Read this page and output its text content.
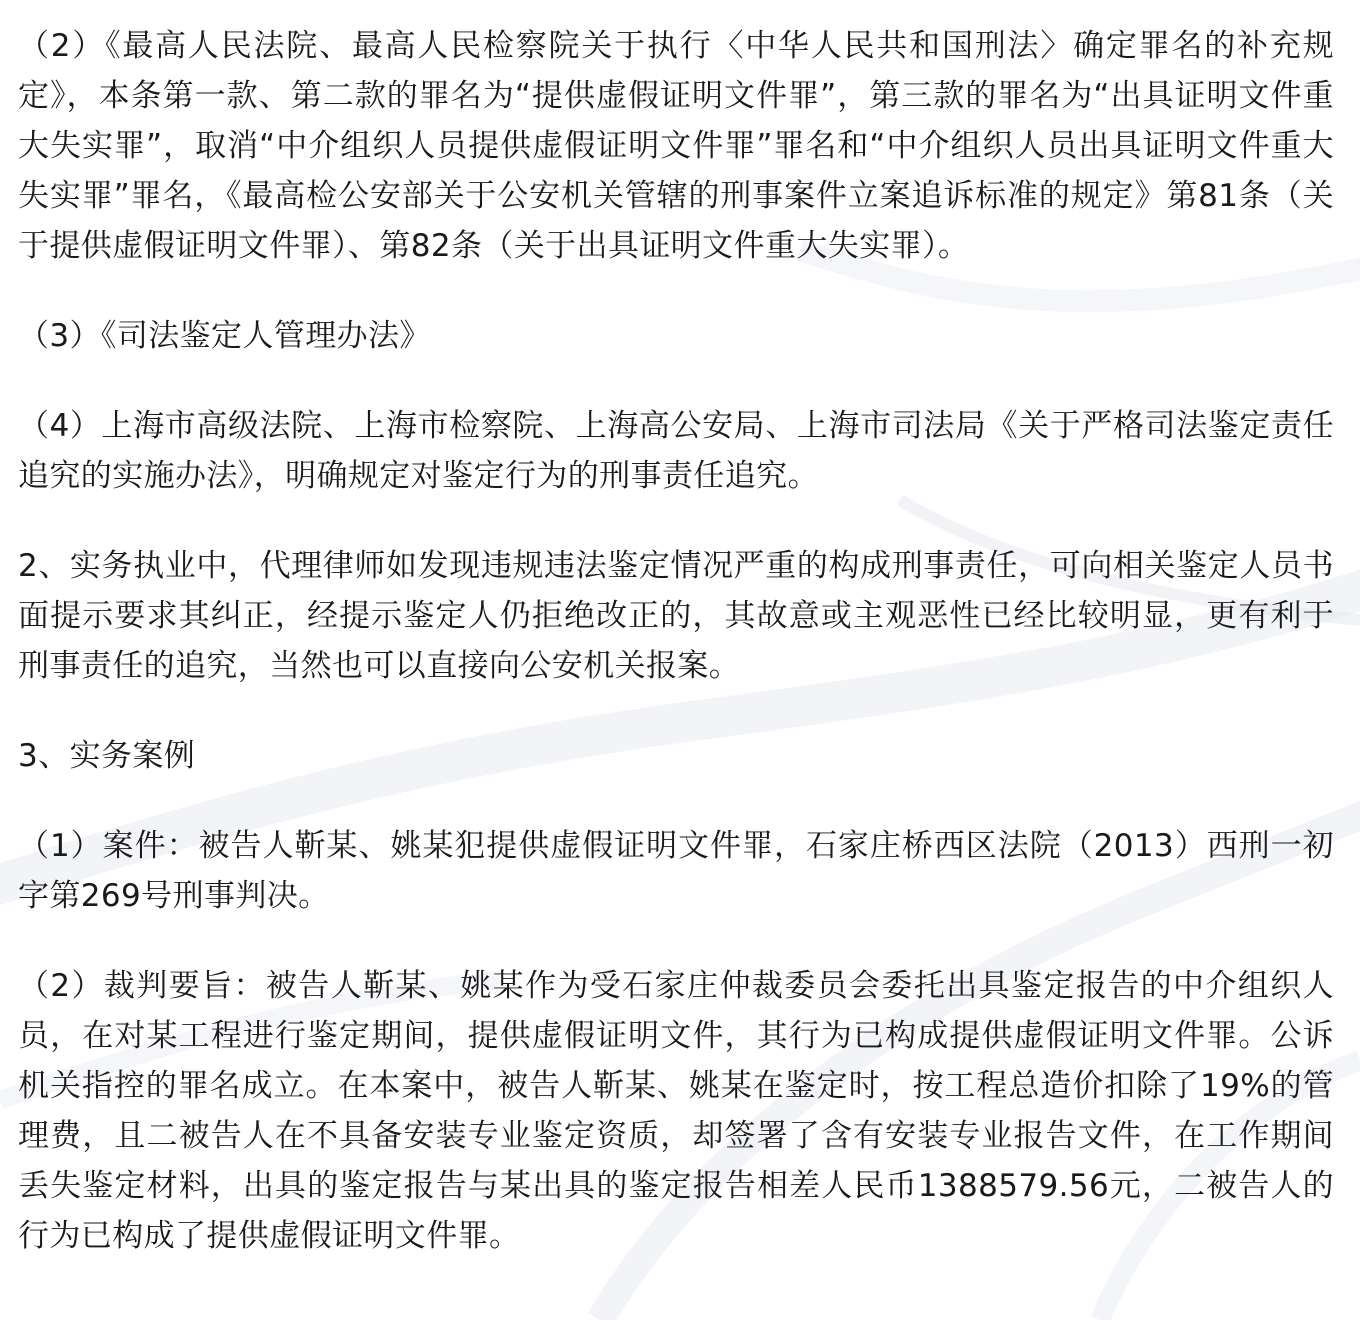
（2）《最高人民法院、最高人民检察院关于执行〈中华人民共和国刑法〉确定罪名的补充规定》，本条第一款、第二款的罪名为“提供虚假证明文件罪”，第三款的罪名为“出具证明文件重大失实罪”，取消“中介组织人员提供虚假证明文件罪”罪名和“中介组织人员出具证明文件重大失实罪”罪名，《最高检公安部关于公安机关管辖的刑事案件立案追诉标准的规定》第81条（关于提供虚假证明文件罪）、第82条（关于出具证明文件重大失实罪）。

（3）《司法鉴定人管理办法》

（4）上海市高级法院、上海市检察院、上海高公安局、上海市司法局《关于严格司法鉴定责任追究的实施办法》，明确规定对鉴定行为的刑事责任追究。

2、实务执业中，代理律师如发现违规违法鉴定情况严重的构成刑事责任，可向相关鉴定人员书面提示要求其纠正，经提示鉴定人仍拒绝改正的，其故意或主观恶性已经比较明显，更有利于刑事责任的追究，当然也可以直接向公安机关报案。

3、实务案例

（1）案件：被告人靳某、姚某犯提供虚假证明文件罪，石家庄桥西区法院（2013）西刑一初字第269号刑事判决。

（2）裁判要旨：被告人靳某、姚某作为受石家庄仲裁委员会委托出具鉴定报告的中介组织人员，在对某工程进行鉴定期间，提供虚假证明文件，其行为已构成提供虚假证明文件罪。公诉机关指控的罪名成立。在本案中，被告人靳某、姚某在鉴定时，按工程总造价扣除了19%的管理费，且二被告人在不具备安装专业鉴定资质，却签署了含有安装专业报告文件，在工作期间丢失鉴定材料，出具的鉴定报告与某出具的鉴定报告相差人民币1388579.56元，二被告人的行为已构成了提供虚假证明文件罪。
